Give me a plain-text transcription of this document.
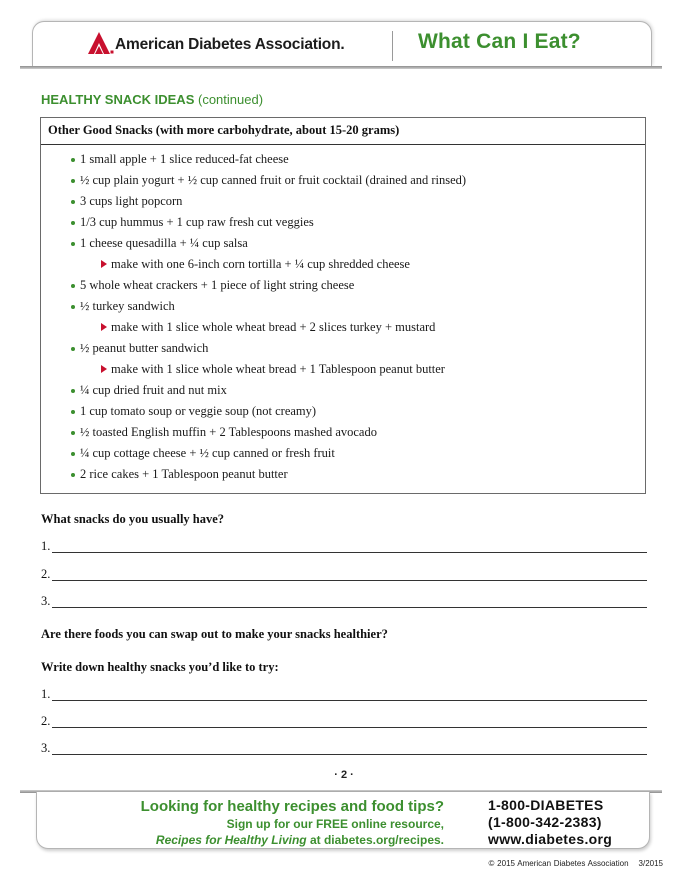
American Diabetes Association.	What Can I Eat?
HEALTHY SNACK IDEAS (continued)
Other Good Snacks (with more carbohydrate, about 15-20 grams)
1 small apple + 1 slice reduced-fat cheese
½ cup plain yogurt + ½ cup canned fruit or fruit cocktail (drained and rinsed)
3 cups light popcorn
1/3 cup hummus + 1 cup raw fresh cut veggies
1 cheese quesadilla + ¼ cup salsa
make with one 6-inch corn tortilla + ¼ cup shredded cheese
5 whole wheat crackers + 1 piece of light string cheese
½ turkey sandwich
make with 1 slice whole wheat bread + 2 slices turkey + mustard
½ peanut butter sandwich
make with 1 slice whole wheat bread + 1 Tablespoon peanut butter
¼ cup dried fruit and nut mix
1 cup tomato soup or veggie soup (not creamy)
½ toasted English muffin + 2 Tablespoons mashed avocado
¼ cup cottage cheese + ½ cup canned or fresh fruit
2 rice cakes + 1 Tablespoon peanut butter
What snacks do you usually have?
1.
2.
3.
Are there foods you can swap out to make your snacks healthier?
Write down healthy snacks you’d like to try:
1.
2.
3.
· 2 ·
Looking for healthy recipes and food tips?
Sign up for our FREE online resource,
Recipes for Healthy Living at diabetes.org/recipes.
1-800-DIABETES
(1-800-342-2383)
www.diabetes.org
© 2015 American Diabetes Association 3/2015
